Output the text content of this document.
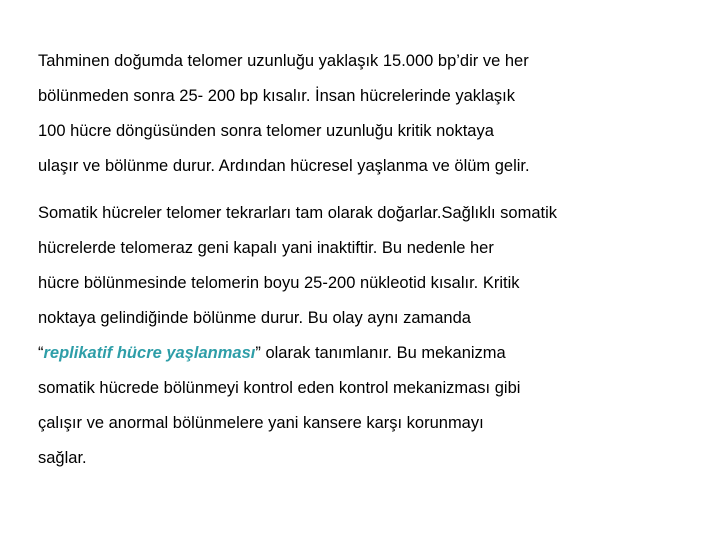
Tahminen doğumda telomer uzunluğu yaklaşık 15.000 bp’dir ve her
bölünmeden sonra 25- 200 bp kısalır. İnsan hücrelerinde yaklaşık
100 hücre döngüsünden sonra telomer uzunluğu kritik noktaya
ulaşır ve bölünme durur. Ardından hücresel yaşlanma ve ölüm gelir.

Somatik hücreler telomer tekrarları tam olarak doğarlar.Sağlıklı somatik
hücrelerde telomeraz geni kapalı yani inaktiftir. Bu nedenle her
hücre bölünmesinde telomerin boyu 25-200 nükleotid kısalır. Kritik
noktaya gelindiğinde bölünme durur. Bu olay aynı zamanda
“replikatif hücre yaşlanması” olarak tanımlanır. Bu mekanizma
somatik hücrede bölünmeyi kontrol eden kontrol mekanizması gibi
çalışır ve anormal bölünmelere yani kansere karşı korunmayı
sağlar.
